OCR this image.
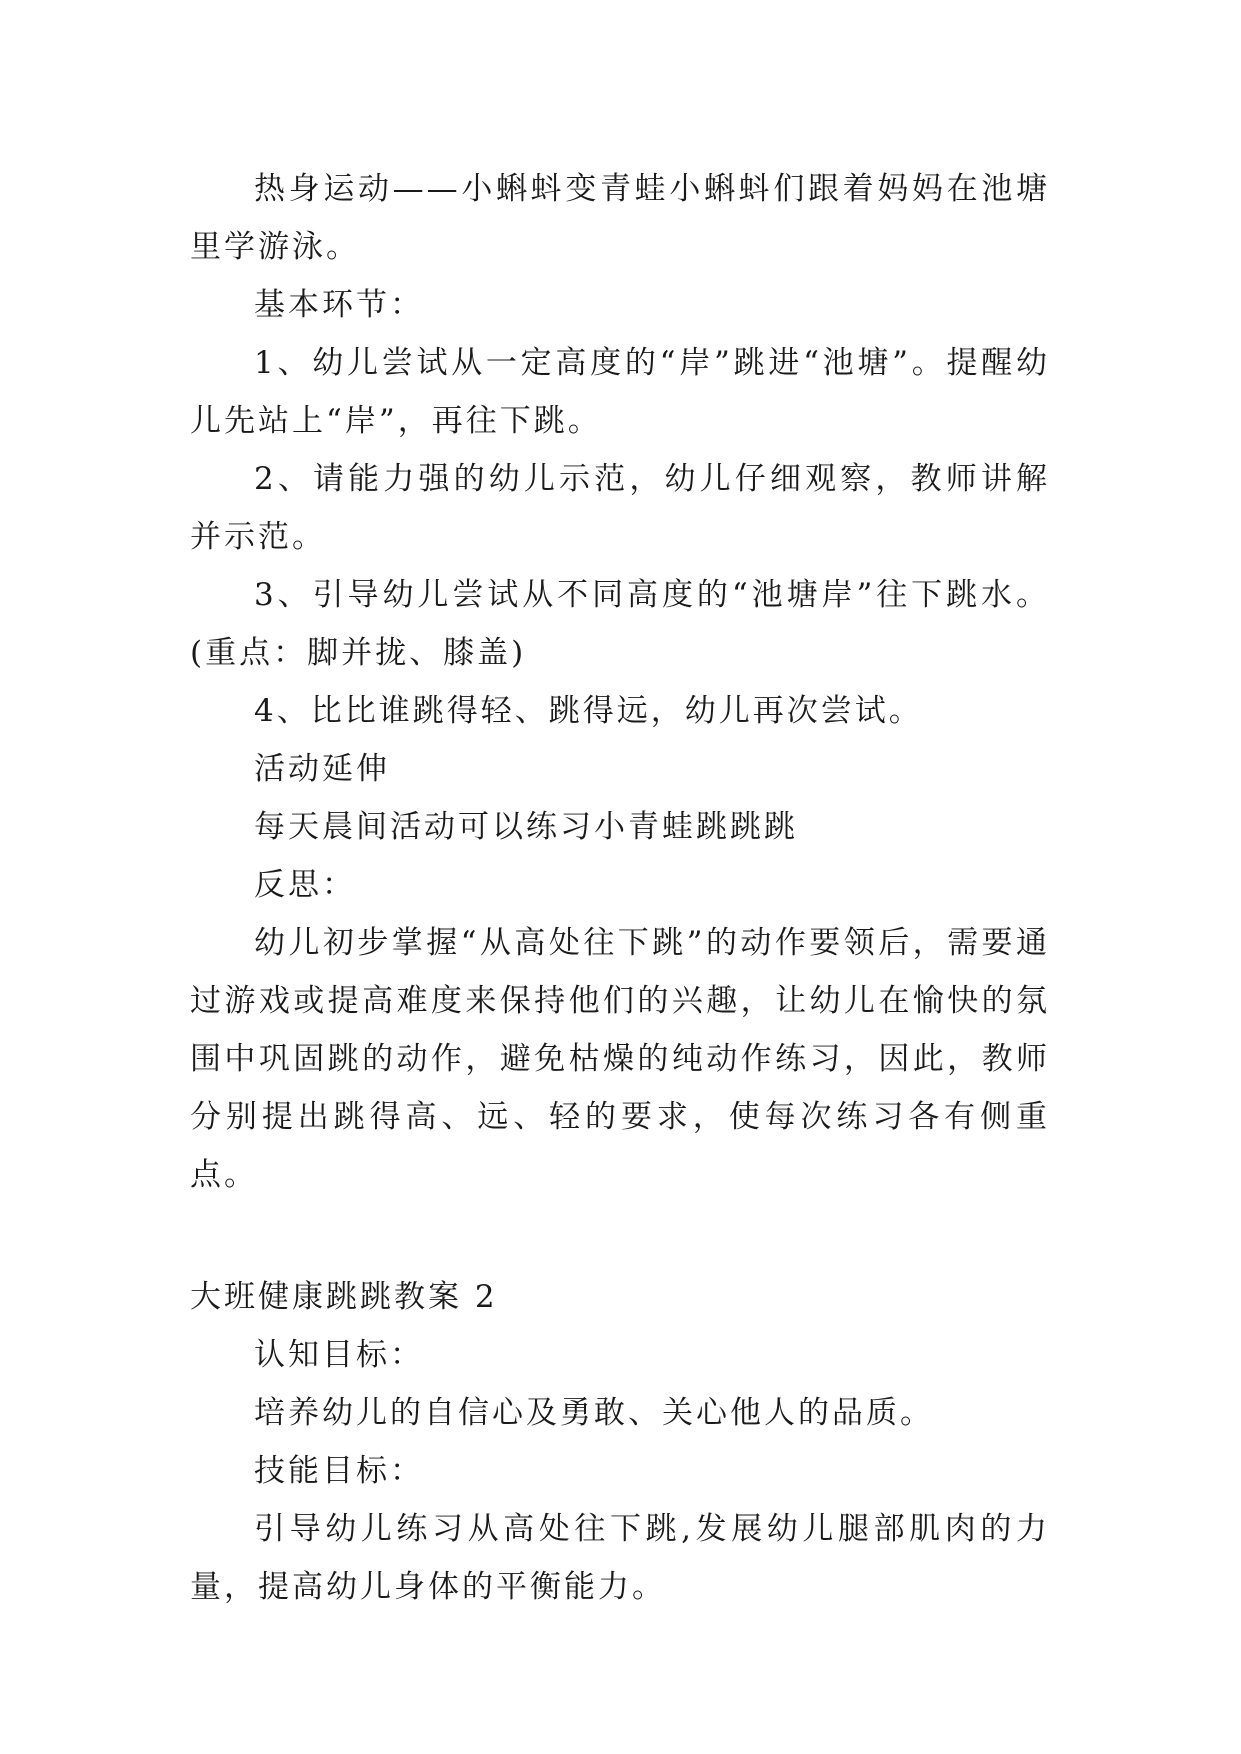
热身运动——小蝌蚪变青蛙小蝌蚪们跟着妈妈在池塘里学游泳。

基本环节：

1、幼儿尝试从一定高度的“岸”跳进“池塘”。提醒幼儿先站上“岸”，再往下跳。

2、请能力强的幼儿示范，幼儿仔细观察，教师讲解并示范。

3、引导幼儿尝试从不同高度的“池塘岸”往下跳水。(重点：脚并拢、膝盖)

4、比比谁跳得轻、跳得远，幼儿再次尝试。

活动延伸

每天晨间活动可以练习小青蛙跳跳跳

反思：

幼儿初步掌握“从高处往下跳”的动作要领后，需要通过游戏或提高难度来保持他们的兴趣，让幼儿在愉快的氛围中巩固跳的动作，避免枯燥的纯动作练习，因此，教师分别提出跳得高、远、轻的要求，使每次练习各有侧重点。

大班健康跳跳教案 2

认知目标：

培养幼儿的自信心及勇敢、关心他人的品质。

技能目标：

引导幼儿练习从高处往下跳,发展幼儿腿部肌肉的力量，提高幼儿身体的平衡能力。
